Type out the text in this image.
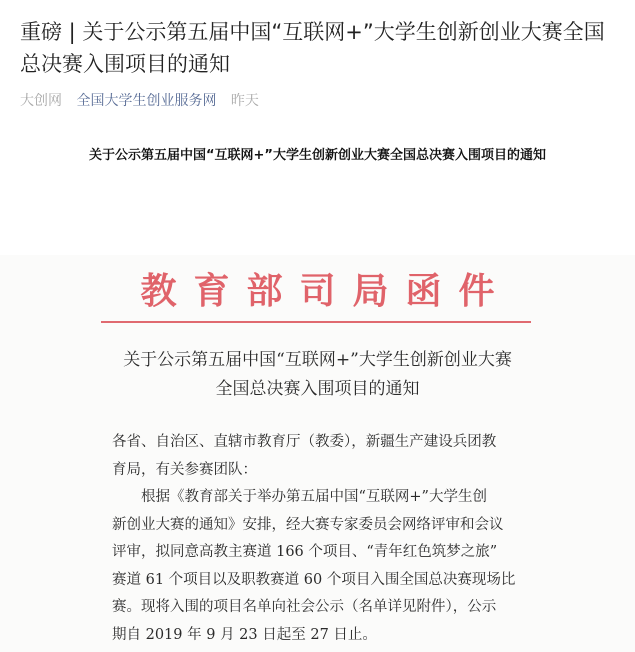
重磅 | 关于公示第五届中国“互联网+”大学生创新创业大赛全国总决赛入围项目的通知
大创网 全国大学生创业服务网 昨天
关于公示第五届中国“互联网+”大学生创新创业大赛全国总决赛入围项目的通知
教育部司局函件
关于公示第五届中国“互联网+”大学生创新创业大赛
全国总决赛入围项目的通知

各省、自治区、直辖市教育厅（教委），新疆生产建设兵团教

育局，有关参赛团队：

　　根据《教育部关于举办第五届中国“互联网+”大学生创

新创业大赛的通知》安排，经大赛专家委员会网络评审和会议

评审，拟同意高教主赛道 166 个项目、“青年红色筑梦之旅”

赛道 61 个项目以及职教赛道 60 个项目入围全国总决赛现场比

赛。现将入围的项目名单向社会公示（名单详见附件），公示

期自 2019 年 9 月 23 日起至 27 日止。
